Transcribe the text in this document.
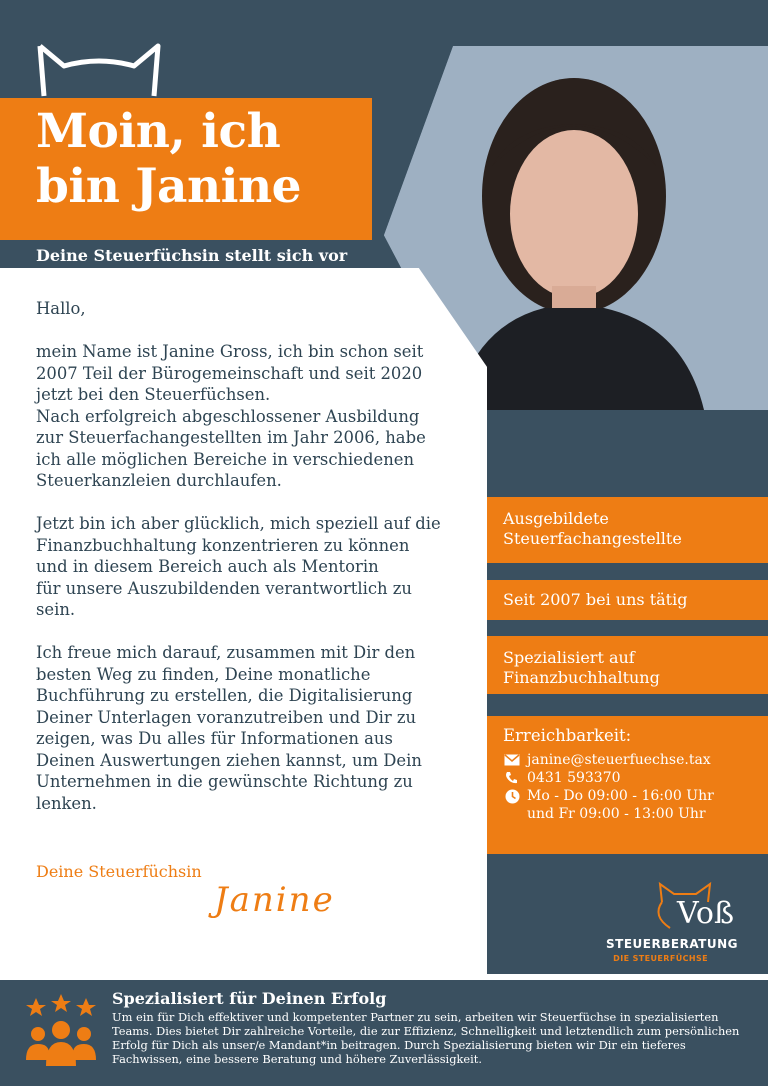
Moin, ich
bin Janine
Deine Steuerfüchsin stellt sich vor

Hallo,

mein Name ist Janine Gross, ich bin schon seit
2007 Teil der Bürogemeinschaft und seit 2020
jetzt bei den Steuerfüchsen.
Nach erfolgreich abgeschlossener Ausbildung
zur Steuerfachangestellten im Jahr 2006, habe
ich alle möglichen Bereiche in verschiedenen
Steuerkanzleien durchlaufen.

Jetzt bin ich aber glücklich, mich speziell auf die
Finanzbuchhaltung konzentrieren zu können
und in diesem Bereich auch als Mentorin
für unsere Auszubildenden verantwortlich zu
sein.

Ich freue mich darauf, zusammen mit Dir den
besten Weg zu finden, Deine monatliche
Buchführung zu erstellen, die Digitalisierung
Deiner Unterlagen voranzutreiben und Dir zu
zeigen, was Du alles für Informationen aus
Deinen Auswertungen ziehen kannst, um Dein
Unternehmen in die gewünschte Richtung zu
lenken.

Deine Steuerfüchsin
Janine
Ausgebildete
Steuerfachangestellte
Seit 2007 bei uns tätig
Spezialisiert auf
Finanzbuchhaltung
Erreichbarkeit:
janine@steuerfuechse.tax
0431 593370
Mo - Do 09:00 - 16:00 Uhr
und Fr 09:00 - 13:00 Uhr
Voß
STEUERBERATUNG
DIE STEUERFÜCHSE
Spezialisiert für Deinen Erfolg
Um ein für Dich effektiver und kompetenter Partner zu sein, arbeiten wir Steuerfüchse in spezialisierten Teams. Dies bietet Dir zahlreiche Vorteile, die zur Effizienz, Schnelligkeit und letztendlich zum persönlichen Erfolg für Dich als unser/e Mandant*in beitragen. Durch Spezialisierung bieten wir Dir ein tieferes Fachwissen, eine bessere Beratung und höhere Zuverlässigkeit.
